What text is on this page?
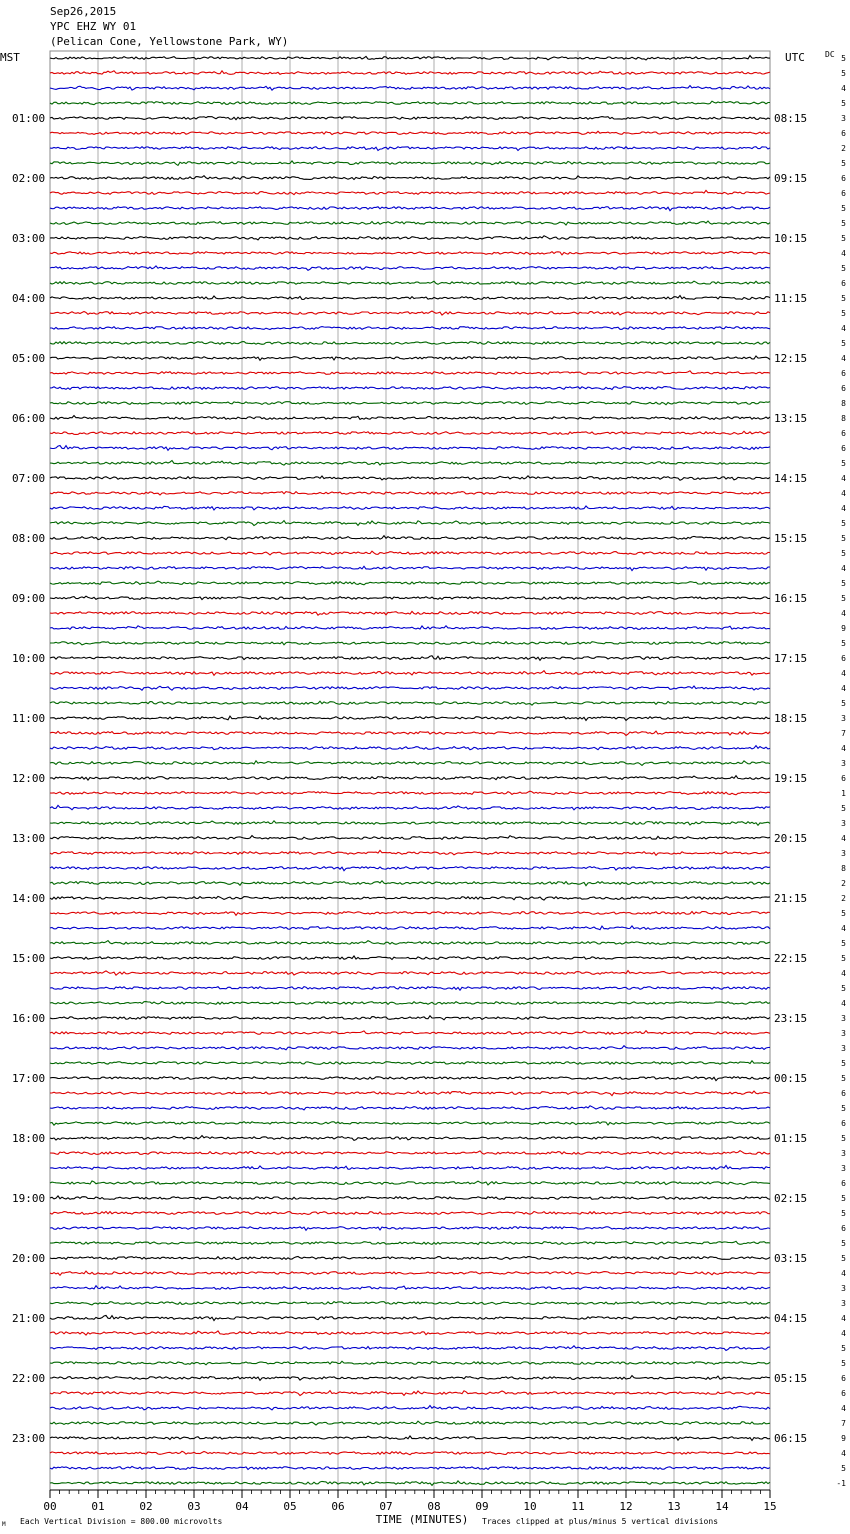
Sep26,2015
YPC EHZ WY 01
(Pelican Cone, Yellowstone Park, WY)
MST	UTC	DC
01:00
02:00
03:00
04:00
05:00
06:00
07:00
08:00
09:00
10:00
11:00
12:00
13:00
14:00
15:00
16:00
17:00
18:00
19:00
20:00
21:00
22:00
23:00
08:15
09:15
10:15
11:15
12:15
13:15
14:15
15:15
16:15
17:15
18:15
19:15
20:15
21:15
22:15
23:15
00:15
01:15
02:15
03:15
04:15
05:15
06:15
5
5
4
5
3
6
2
5
6
6
5
5
5
4
5
6
5
5
4
5
4
6
6
8
8
6
6
5
4
4
4
5
5
5
4
5
5
4
9
5
6
4
4
5
3
7
4
3
6
1
5
3
4
3
8
2
2
5
4
5
5
4
5
4
3
3
3
5
5
6
5
6
5
3
3
6
5
5
6
5
5
4
3
3
4
4
5
5
6
6
4
7
9
4
5
-1
00	01	02	03	04	05	06	07	08	09	10	11	12	13	14	15
TIME (MINUTES)
Each Vertical Division = 800.00 microvolts	Traces clipped at plus/minus 5 vertical divisions
M
